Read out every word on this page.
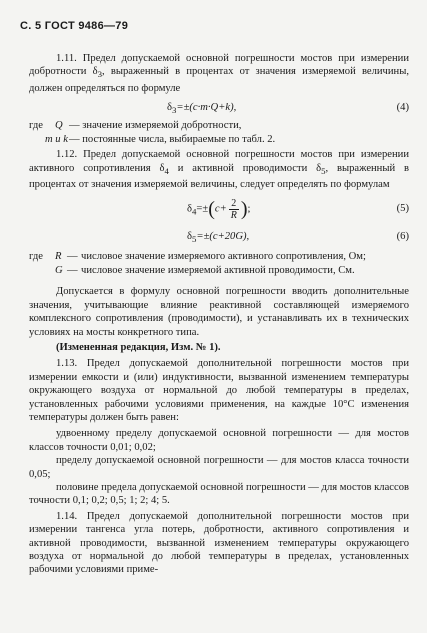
С. 5 ГОСТ 9486—79

1.11. Предел допускаемой основной погрешности мостов при измерении добротности $\delta_3$, выраженный в процентах от значения измеряемой величины, должен определяться по формуле

$\delta_3=\pm(c\cdot m\cdot Q+k)$,	(4)
где	Q — значение измеряемой добротности,
m и k — постоянные числа, выбираемые по табл. 2.

1.12. Предел допускаемой основной погрешности мостов при измерении активного сопротивления $\delta_4$ и активной проводимости $\delta_5$, выраженный в процентах от значения измеряемой величины, следует определять по формулам

$\delta_4=\pm(c+ \frac{2}{R}$ );	(5)
$\delta_5=\pm(c+20G)$,	(6)
где	R — числовое значение измеряемого активного сопротивления, Ом;
G — числовое значение измеряемой активной проводимости, См.

Допускается в формулу основной погрешности вводить дополнительные значения, учитывающие влияние реактивной составляющей измеряемого комплексного сопротивления (проводимости), и устанавливать их в технических условиях на мосты конкретного типа.

(Измененная редакция, Изм. № 1).

1.13. Предел допускаемой дополнительной погрешности мостов при измерении емкости и (или) индуктивности, вызванной изменением температуры окружающего воздуха от нормальной до любой температуры в пределах, установленных рабочими условиями применения, на каждые 10°С изменения температуры должен быть равен:

удвоенному пределу допускаемой основной погрешности — для мостов классов точности 0,01; 0,02;

пределу допускаемой основной погрешности — для мостов класса точности 0,05;

половине предела допускаемой основной погрешности — для мостов классов точности 0,1; 0,2; 0,5; 1; 2; 4; 5.

1.14. Предел допускаемой дополнительной погрешности мостов при измерении тангенса угла потерь, добротности, активного сопротивления и активной проводимости, вызванной изменением температуры окружающего воздуха от нормальной до любой температуры в пределах, установленных рабочими условиями приме-
